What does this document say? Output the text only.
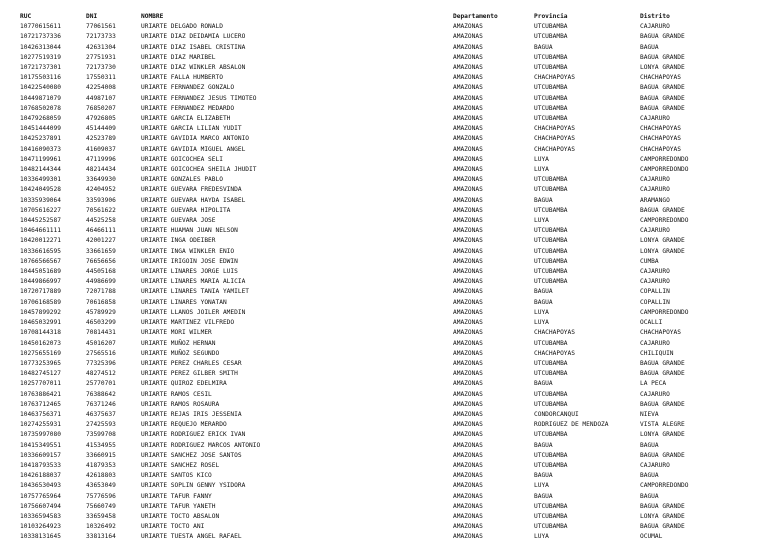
RUC	DNI	NOMBRE	Departamento	Provincia	Distrito
10770615611	77061561	URIARTE DELGADO RONALD	AMAZONAS	UTCUBAMBA	CAJARURO
10721737336	72173733	URIARTE DIAZ DEIDAMIA LUCERO	AMAZONAS	UTCUBAMBA	BAGUA GRANDE
10426313044	42631304	URIARTE DIAZ ISABEL CRISTINA	AMAZONAS	BAGUA	BAGUA
10277519319	27751931	URIARTE DIAZ MARIBEL	AMAZONAS	UTCUBAMBA	BAGUA GRANDE
10721737301	72173730	URIARTE DIAZ WINKLER ABSALON	AMAZONAS	UTCUBAMBA	LONYA GRANDE
10175503116	17550311	URIARTE FALLA HUMBERTO	AMAZONAS	CHACHAPOYAS	CHACHAPOYAS
10422540080	42254008	URIARTE FERNANDEZ GONZALO	AMAZONAS	UTCUBAMBA	BAGUA GRANDE
10449871079	44987107	URIARTE FERNANDEZ JESUS TIMOTEO	AMAZONAS	UTCUBAMBA	BAGUA GRANDE
10768502078	76850207	URIARTE FERNANDEZ MEDARDO	AMAZONAS	UTCUBAMBA	BAGUA GRANDE
10479268059	47926805	URIARTE GARCIA ELIZABETH	AMAZONAS	UTCUBAMBA	CAJARURO
10451444099	45144409	URIARTE GARCIA LILIAN YUDIT	AMAZONAS	CHACHAPOYAS	CHACHAPOYAS
10425237891	42523789	URIARTE GAVIDIA MARCO ANTONIO	AMAZONAS	CHACHAPOYAS	CHACHAPOYAS
10416090373	41609037	URIARTE GAVIDIA MIGUEL ANGEL	AMAZONAS	CHACHAPOYAS	CHACHAPOYAS
10471199961	47119996	URIARTE GOICOCHEA SELI	AMAZONAS	LUYA	CAMPORREDONDO
10482144344	48214434	URIARTE GOICOCHEA SHEILA JHUDIT	AMAZONAS	LUYA	CAMPORREDONDO
10336499301	33649930	URIARTE GONZALES PABLO	AMAZONAS	UTCUBAMBA	CAJARURO
10424049528	42404952	URIARTE GUEVARA FREDESVINDA	AMAZONAS	UTCUBAMBA	CAJARURO
10335939064	33593906	URIARTE GUEVARA HAYDA ISABEL	AMAZONAS	BAGUA	ARAMANGO
10705616227	70561622	URIARTE GUEVARA HIPOLITA	AMAZONAS	UTCUBAMBA	BAGUA GRANDE
10445252587	44525258	URIARTE GUEVARA JOSE	AMAZONAS	LUYA	CAMPORREDONDO
10464661111	46466111	URIARTE HUAMAN JUAN NELSON	AMAZONAS	UTCUBAMBA	CAJARURO
10420012271	42001227	URIARTE INGA ODEIBER	AMAZONAS	UTCUBAMBA	LONYA GRANDE
10336616595	33661659	URIARTE INGA WINKLER ENIO	AMAZONAS	UTCUBAMBA	LONYA GRANDE
10766566567	76656656	URIARTE IRIGOIN JOSE EDWIN	AMAZONAS	UTCUBAMBA	CUMBA
10445051689	44505168	URIARTE LINARES JORGE LUIS	AMAZONAS	UTCUBAMBA	CAJARURO
10449866997	44986699	URIARTE LINARES MARIA ALICIA	AMAZONAS	UTCUBAMBA	CAJARURO
10720717889	72071788	URIARTE LINARES TANIA YAMILET	AMAZONAS	BAGUA	COPALLIN
10706168589	70616858	URIARTE LINARES YONATAN	AMAZONAS	BAGUA	COPALLIN
10457899292	45789929	URIARTE LLANOS JOILER AMEDIN	AMAZONAS	LUYA	CAMPORREDONDO
10465032991	46503299	URIARTE MARTINEZ VILFREDO	AMAZONAS	LUYA	OCALLI
10708144318	70814431	URIARTE MORI WILMER	AMAZONAS	CHACHAPOYAS	CHACHAPOYAS
10450162073	45016207	URIARTE MUÑOZ HERNAN	AMAZONAS	UTCUBAMBA	CAJARURO
10275655169	27565516	URIARTE MUÑOZ SEGUNDO	AMAZONAS	CHACHAPOYAS	CHILIQUIN
10773253965	77325396	URIARTE PEREZ CHARLES CESAR	AMAZONAS	UTCUBAMBA	BAGUA GRANDE
10482745127	48274512	URIARTE PEREZ GILBER SMITH	AMAZONAS	UTCUBAMBA	BAGUA GRANDE
10257707011	25770701	URIARTE QUIROZ EDELMIRA	AMAZONAS	BAGUA	LA PECA
10763886421	76388642	URIARTE RAMOS CESIL	AMAZONAS	UTCUBAMBA	CAJARURO
10763712465	76371246	URIARTE RAMOS ROSAURA	AMAZONAS	UTCUBAMBA	BAGUA GRANDE
10463756371	46375637	URIARTE REJAS IRIS JESSENIA	AMAZONAS	CONDORCANQUI	NIEVA
10274255931	27425593	URIARTE REQUEJO MERARDO	AMAZONAS	RODRIGUEZ DE MENDOZA	VISTA ALEGRE
10735997080	73599708	URIARTE RODRIGUEZ ERICK IVAN	AMAZONAS	UTCUBAMBA	LONYA GRANDE
10415349551	41534955	URIARTE RODRIGUEZ MARCOS ANTONIO	AMAZONAS	BAGUA	BAGUA
10336609157	33660915	URIARTE SANCHEZ JOSE SANTOS	AMAZONAS	UTCUBAMBA	BAGUA GRANDE
10418793533	41879353	URIARTE SANCHEZ ROSEL	AMAZONAS	UTCUBAMBA	CAJARURO
10426188037	42618803	URIARTE SANTOS KICO	AMAZONAS	BAGUA	BAGUA
10436530493	43653049	URIARTE SOPLIN GENNY YSIDORA	AMAZONAS	LUYA	CAMPORREDONDO
10757765964	75776596	URIARTE TAFUR FANNY	AMAZONAS	BAGUA	BAGUA
10756607494	75660749	URIARTE TAFUR YANETH	AMAZONAS	UTCUBAMBA	BAGUA GRANDE
10336594583	33659458	URIARTE TOCTO ABSALON	AMAZONAS	UTCUBAMBA	LONYA GRANDE
10103264923	10326492	URIARTE TOCTO ANI	AMAZONAS	UTCUBAMBA	BAGUA GRANDE
10338131645	33813164	URIARTE TUESTA ANGEL RAFAEL	AMAZONAS	LUYA	OCUMAL
